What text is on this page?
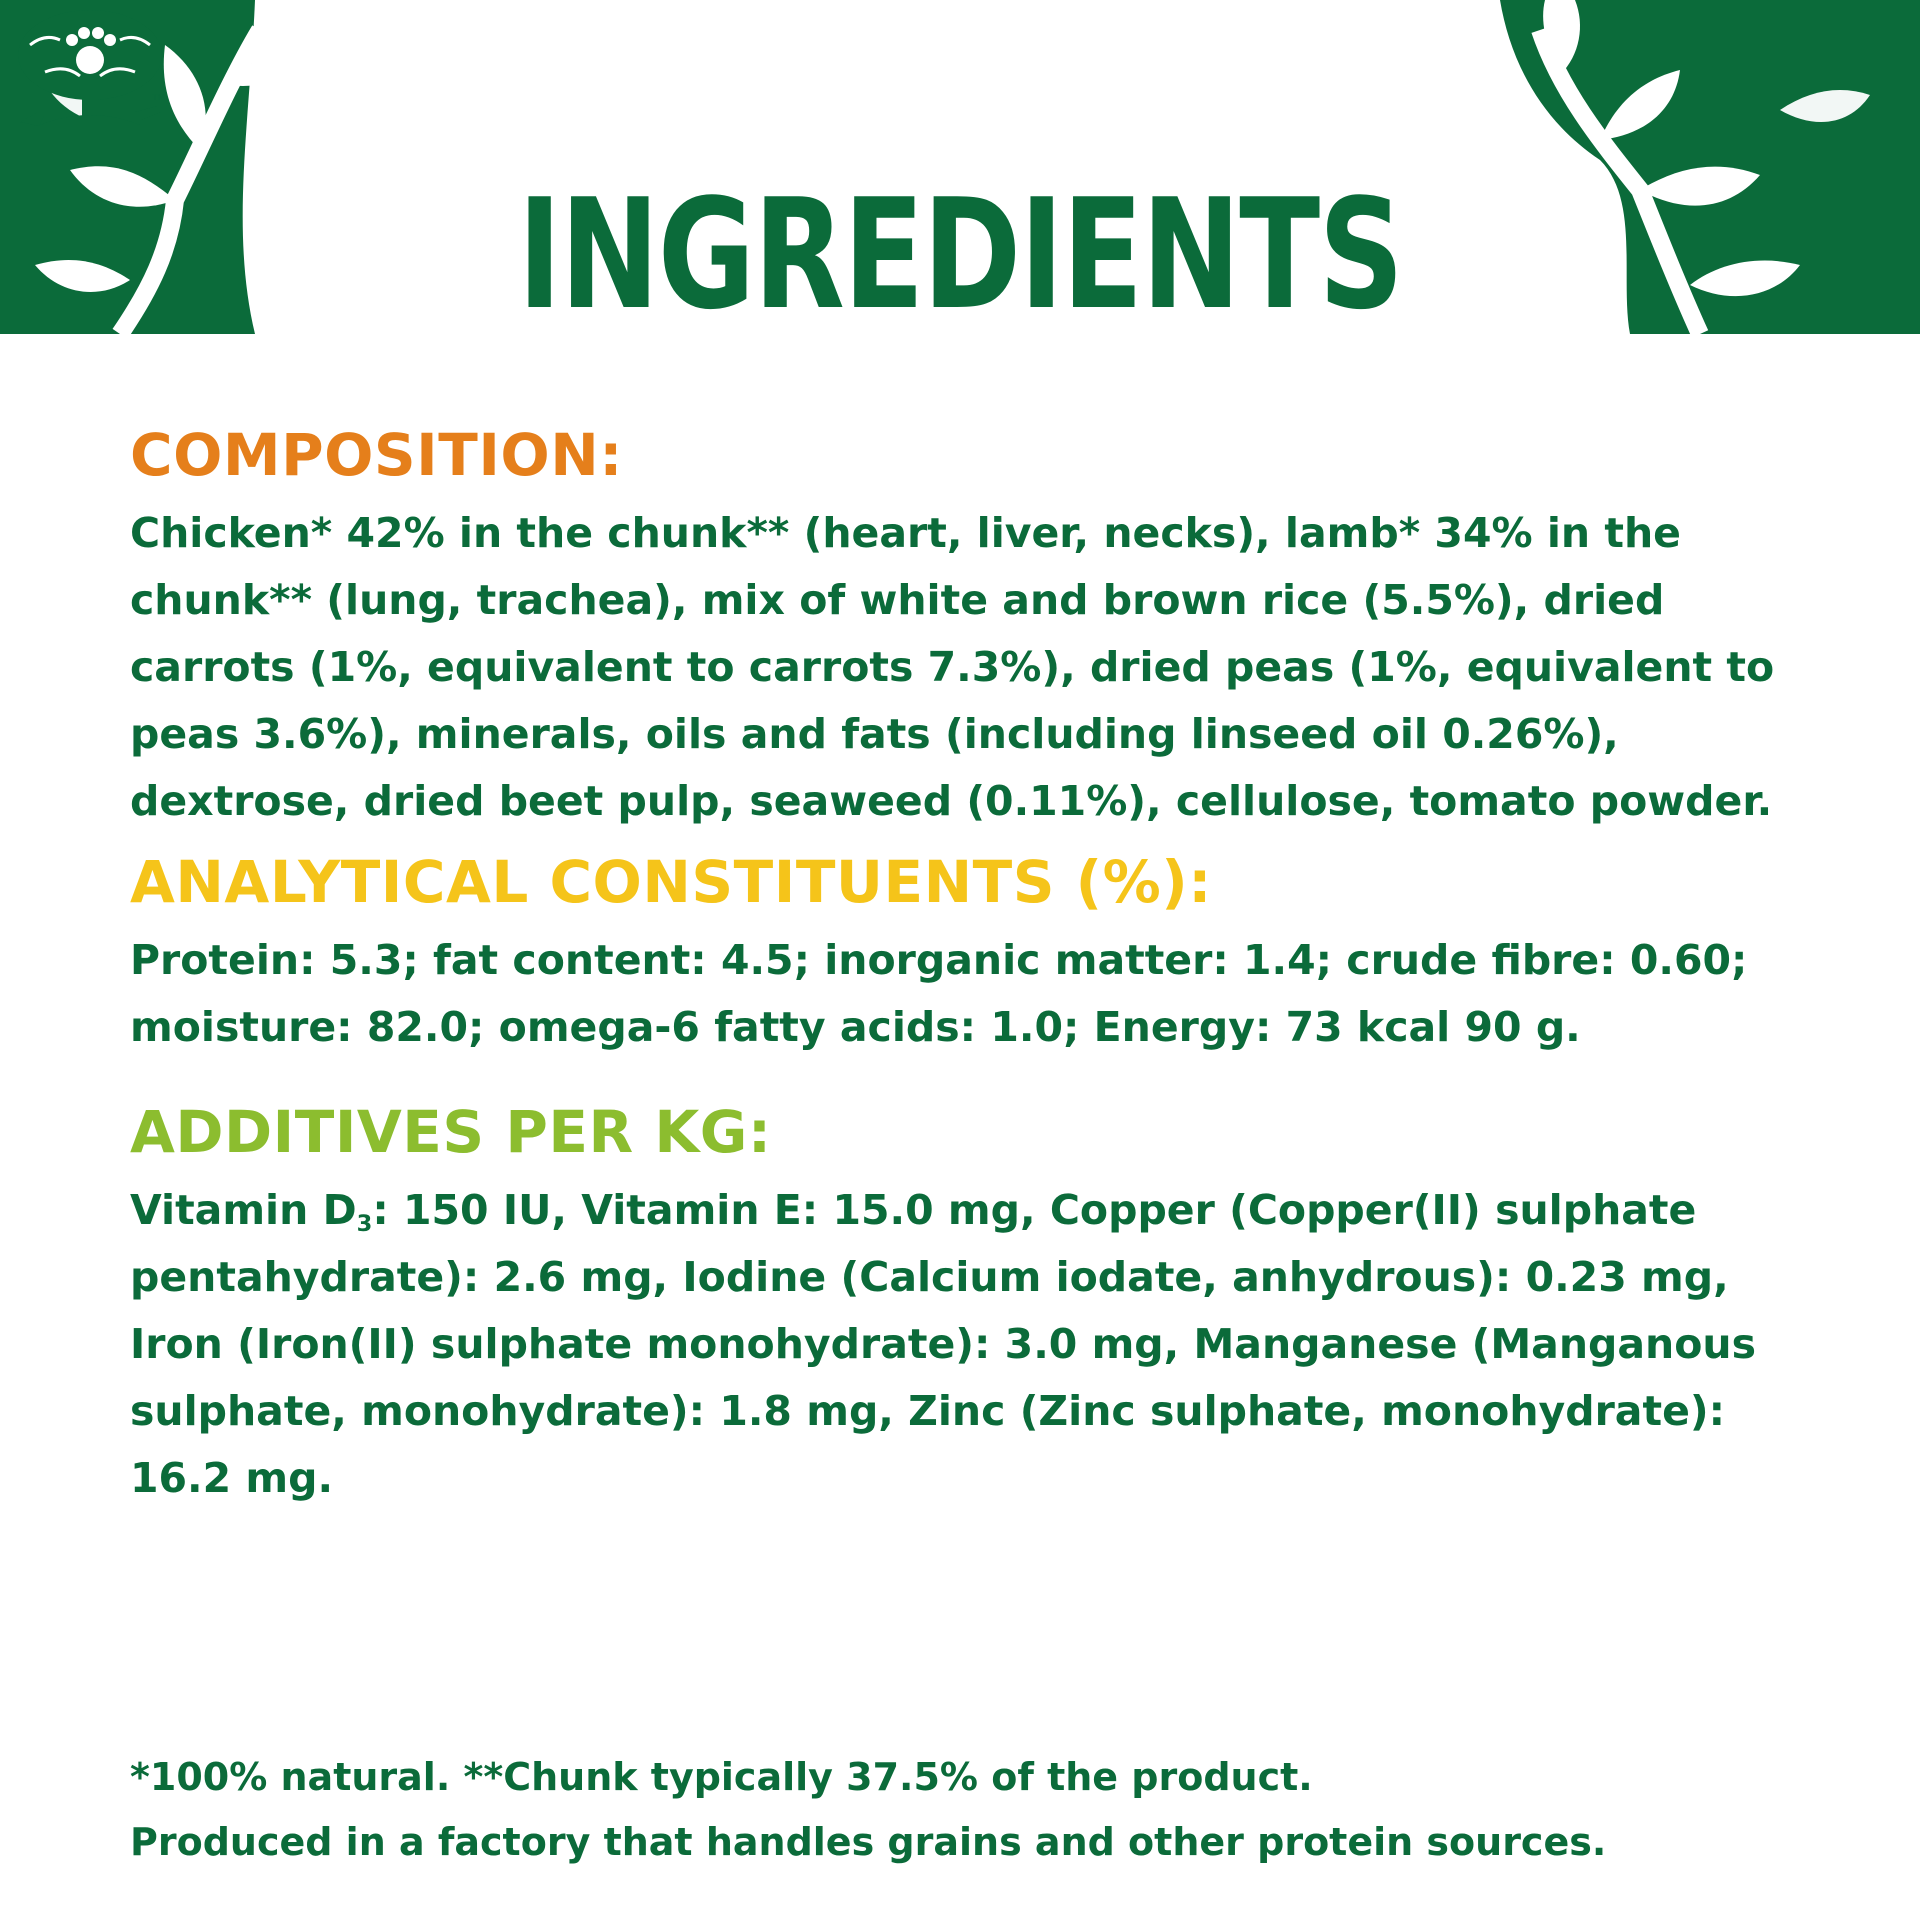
TM
INGREDIENTS
COMPOSITION:

Chicken* 42% in the chunk** (heart, liver, necks), lamb* 34% in the chunk** (lung, trachea), mix of white and brown rice (5.5%), dried carrots (1%, equivalent to carrots 7.3%), dried peas (1%, equivalent to peas 3.6%), minerals, oils and fats (including linseed oil 0.26%), dextrose, dried beet pulp, seaweed (0.11%), cellulose, tomato powder.

ANALYTICAL CONSTITUENTS (%):

Protein: 5.3; fat content: 4.5; inorganic matter: 1.4; crude fibre: 0.60; moisture: 82.0; omega-6 fatty acids: 1.0; Energy: 73 kcal 90 g.

ADDITIVES PER KG:

Vitamin $D_3$: 150 IU, Vitamin E: 15.0 mg, Copper (Copper(II) sulphate pentahydrate): 2.6 mg, Iodine (Calcium iodate, anhydrous): 0.23 mg, Iron (Iron(II) sulphate monohydrate): 3.0 mg, Manganese (Manganous sulphate, monohydrate): 1.8 mg, Zinc (Zinc sulphate, monohydrate): 16.2 mg.

*100% natural. **Chunk typically 37.5% of the product.

Produced in a factory that handles grains and other protein sources.
